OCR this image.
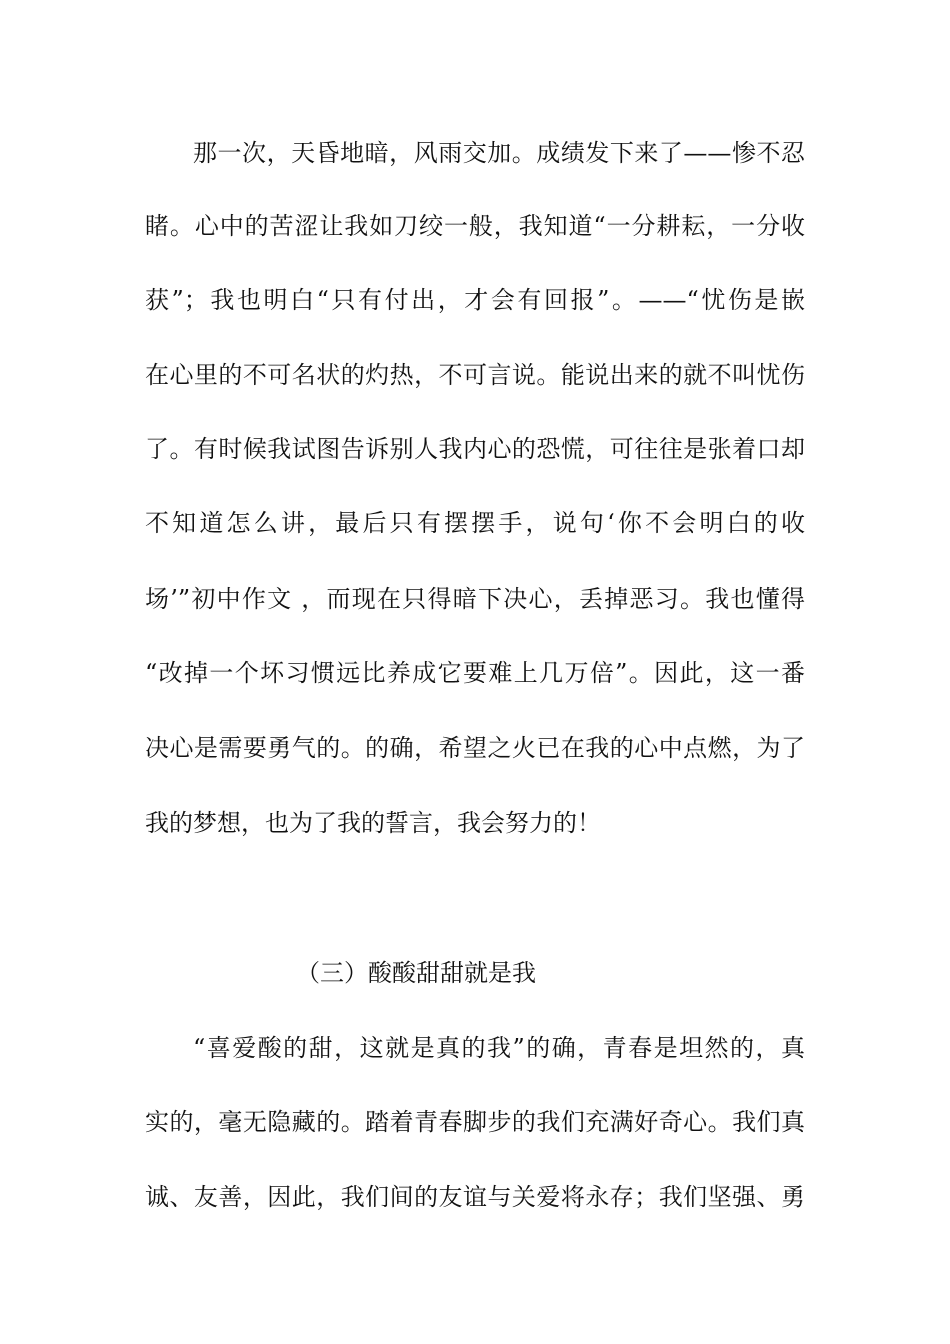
那一次，天昏地暗，风雨交加。成绩发下来了——惨不忍
睹。心中的苦涩让我如刀绞一般，我知道“一分耕耘，一分收
获”；我也明白“只有付出，才会有回报”。——“忧伤是嵌
在心里的不可名状的灼热，不可言说。能说出来的就不叫忧伤
了。有时候我试图告诉别人我内心的恐慌，可往往是张着口却
不知道怎么讲，最后只有摆摆手，说句‘你不会明白的收
场’”初中作文 ，而现在只得暗下决心，丢掉恶习。我也懂得
“改掉一个坏习惯远比养成它要难上几万倍”。因此，这一番
决心是需要勇气的。的确，希望之火已在我的心中点燃，为了
我的梦想，也为了我的誓言，我会努力的！
（三）酸酸甜甜就是我
“喜爱酸的甜，这就是真的我”的确，青春是坦然的，真
实的，毫无隐藏的。踏着青春脚步的我们充满好奇心。我们真
诚、友善，因此，我们间的友谊与关爱将永存；我们坚强、勇
